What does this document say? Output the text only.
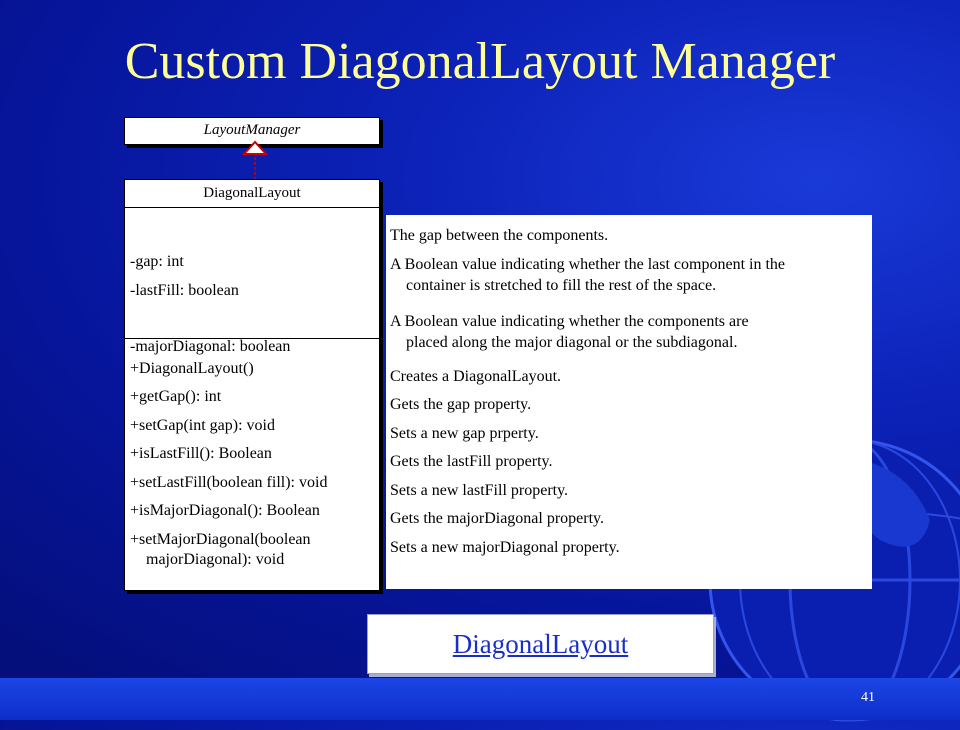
Custom DiagonalLayout Manager
LayoutManager
DiagonalLayout
-gap: int
-lastFill: boolean
-majorDiagonal: boolean
+DiagonalLayout()
+getGap(): int
+setGap(int gap): void
+isLastFill(): Boolean
+setLastFill(boolean fill): void
+isMajorDiagonal(): Boolean
+setMajorDiagonal(boolean
majorDiagonal): void
The gap between the components.
A Boolean value indicating whether the last component in the
container is stretched to fill the rest of the space.
A Boolean value indicating whether the components are
placed along the major diagonal or the subdiagonal.
Creates a DiagonalLayout.
Gets the gap property.
Sets a new gap prperty.
Gets the lastFill property.
Sets a new lastFill property.
Gets the majorDiagonal property.
Sets a new majorDiagonal property.
DiagonalLayout
41
